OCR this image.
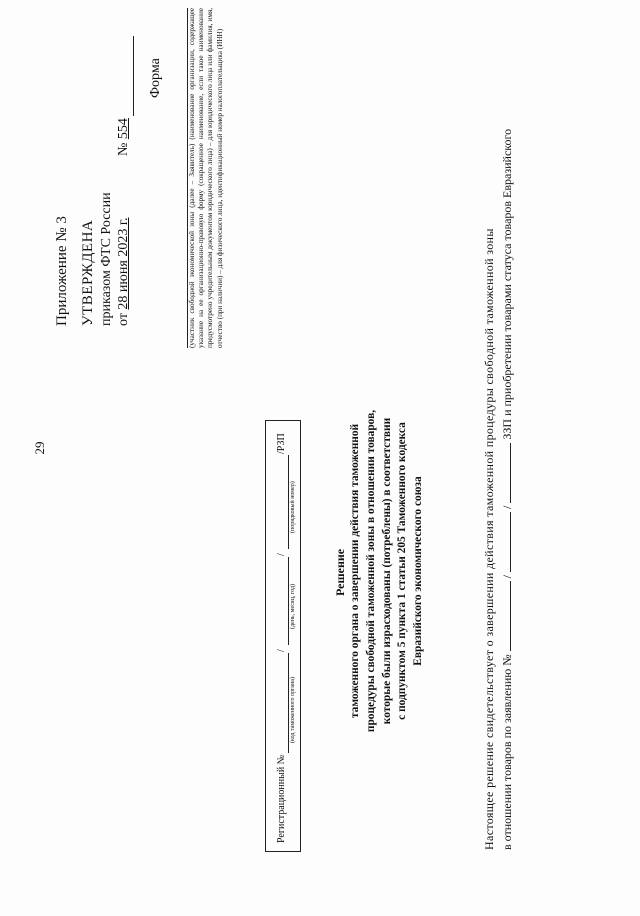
29
Приложение № 3 УТВЕРЖДЕНА приказом ФТС России от 28 июня 2023 г.
№ 554
Форма	(участник свободной экономической зоны (далее – Заявитель) (наименование организации, содержащее указание на ее организационно-правовую форму (сокращенное наименование, если такое наименование предусмотрено учредительным документом юридического лица) – для юридического лица или фамилия, имя, отчество (при наличии) – для физического лица, идентификационный номер налогоплательщика (ИНН)
Регистрационный №
/
/
/РЗП
(код таможенного органа)
(день, месяц, год)
(порядковый номер)
Решение таможенного органа о завершении действия таможенной процедуры свободной таможенной зоны в отношении товаров, которые были израсходованы (потреблены) в соответствии с подпунктом 5 пункта 1 статьи 205 Таможенного кодекса Евразийского экономического союза	Настоящее решение свидетельствует о завершении действия таможенной процедуры свободной таможенной зоны в отношении товаров по заявлению №  /  /  ЗЗП и приобретении товарами статуса товаров Евразийского
